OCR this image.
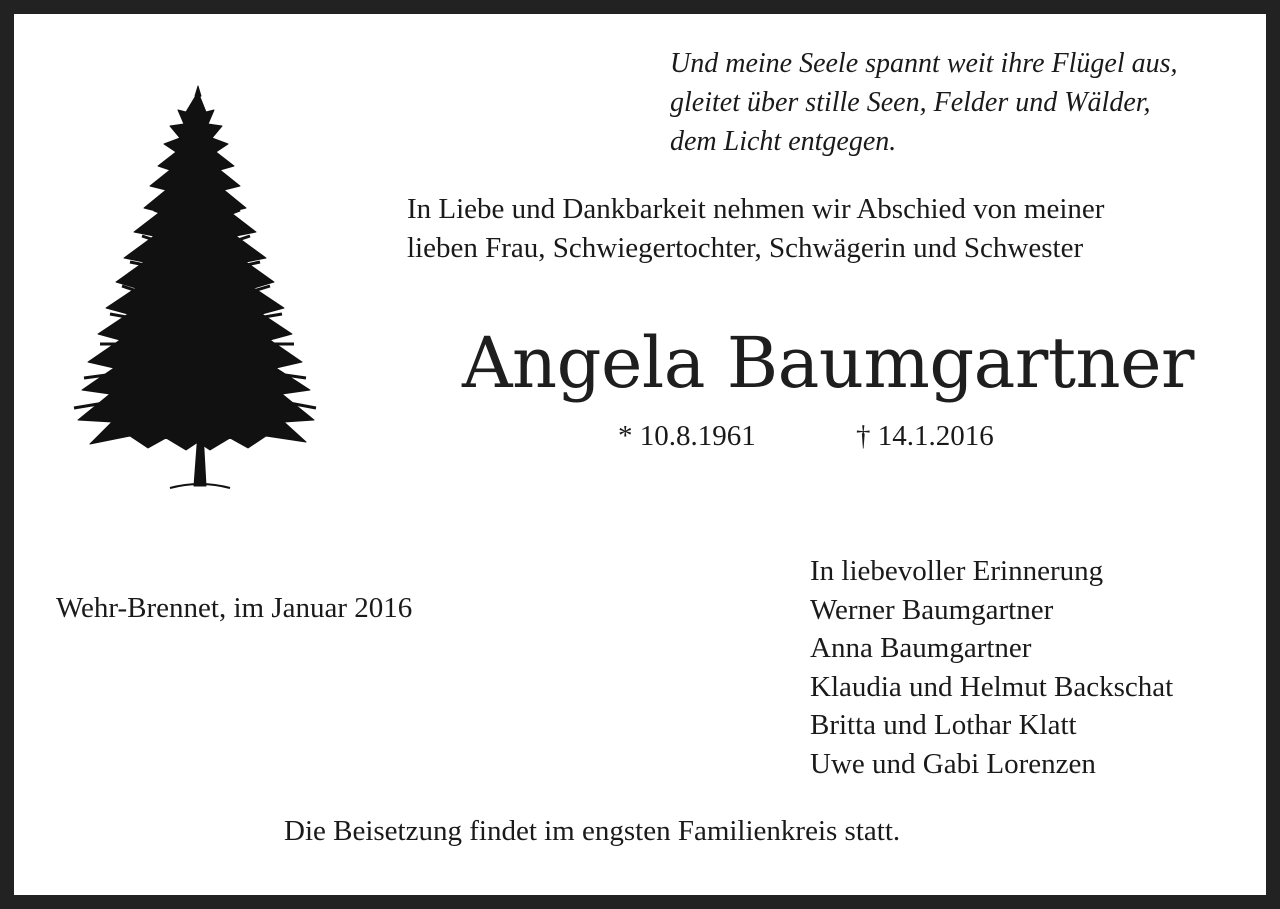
Und meine Seele spannt weit ihre Flügel aus,
gleitet über stille Seen, Felder und Wälder,
dem Licht entgegen.
In Liebe und Dankbarkeit nehmen wir Abschied von meiner
lieben Frau, Schwiegertochter, Schwägerin und Schwester
Angela Baumgartner
* 10.8.1961	† 14.1.2016
Wehr-Brennet, im Januar 2016
In liebevoller Erinnerung
Werner Baumgartner
Anna Baumgartner
Klaudia und Helmut Backschat
Britta und Lothar Klatt
Uwe und Gabi Lorenzen
Die Beisetzung findet im engsten Familienkreis statt.
